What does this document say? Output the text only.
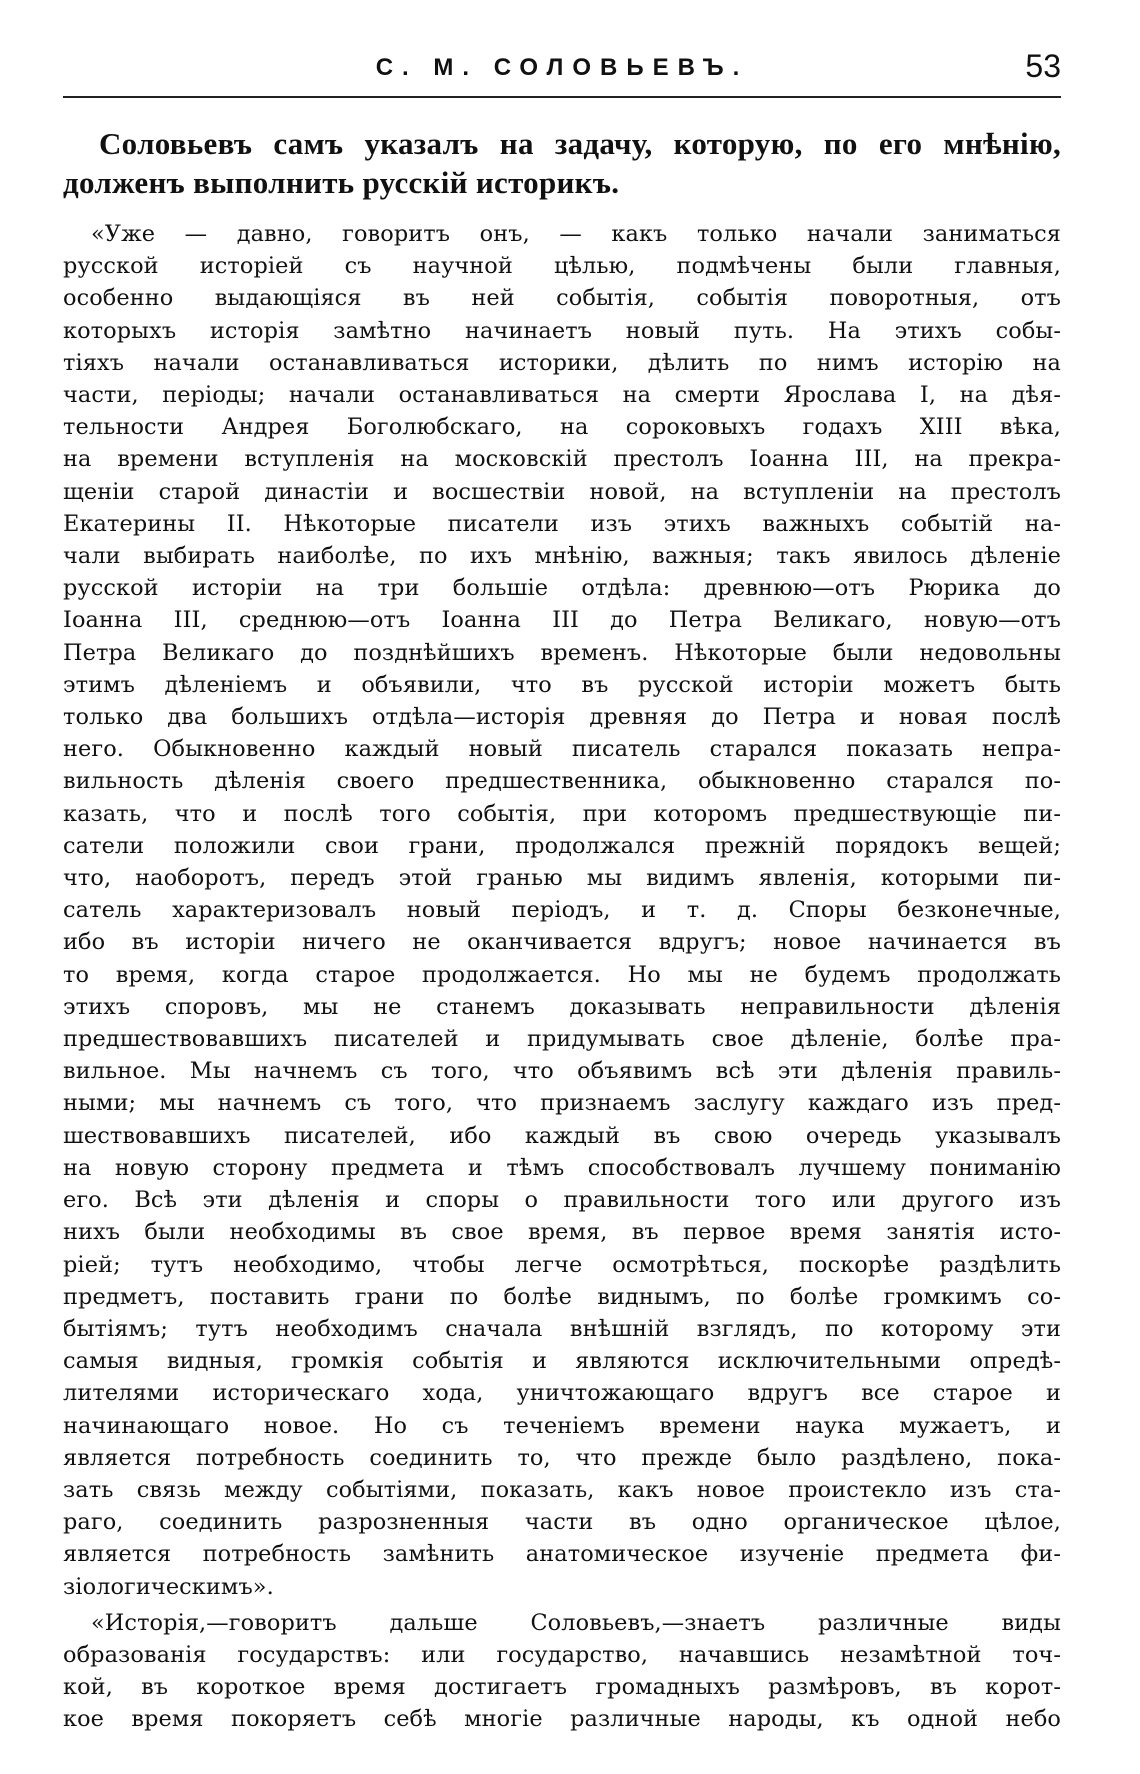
С. М. СОЛОВЬЕВЪ.	53

Соловьевъ самъ указалъ на задачу, которую, по его мнѣнію, долженъ выполнить русскій историкъ.

«Уже — давно, говоритъ онъ, — какъ только начали заниматься
русской исторіей съ научной цѣлью, подмѣчены были главныя,
особенно выдающіяся въ ней событія, событія поворотныя, отъ
которыхъ исторія замѣтно начинаетъ новый путь. На этихъ собы-
тіяхъ начали останавливаться историки, дѣлить по нимъ исторію на
части, періоды; начали останавливаться на смерти Ярослава I, на дѣя-
тельности Андрея Боголюбскаго, на сороковыхъ годахъ XIII вѣка,
на времени вступленія на московскій престолъ Іоанна III, на прекра-
щеніи старой династіи и восшествіи новой, на вступленіи на престолъ
Екатерины II. Нѣкоторые писатели изъ этихъ важныхъ событій на-
чали выбирать наиболѣе, по ихъ мнѣнію, важныя; такъ явилось дѣленіе
русской исторіи на три большіе отдѣла: древнюю—отъ Рюрика до
Іоанна III, среднюю—отъ Іоанна III до Петра Великаго, новую—отъ
Петра Великаго до позднѣйшихъ временъ. Нѣкоторые были недовольны
этимъ дѣленіемъ и объявили, что въ русской исторіи можетъ быть
только два большихъ отдѣла—исторія древняя до Петра и новая послѣ
него. Обыкновенно каждый новый писатель старался показать непра-
вильность дѣленія своего предшественника, обыкновенно старался по-
казать, что и послѣ того событія, при которомъ предшествующіе пи-
сатели положили свои грани, продолжался прежній порядокъ вещей;
что, наоборотъ, передъ этой гранью мы видимъ явленія, которыми пи-
сатель характеризовалъ новый періодъ, и т. д. Споры безконечные,
ибо въ исторіи ничего не оканчивается вдругъ; новое начинается въ
то время, когда старое продолжается. Но мы не будемъ продолжать
этихъ споровъ, мы не станемъ доказывать неправильности дѣленія
предшествовавшихъ писателей и придумывать свое дѣленіе, болѣе пра-
вильное. Мы начнемъ съ того, что объявимъ всѣ эти дѣленія правиль-
ными; мы начнемъ съ того, что признаемъ заслугу каждаго изъ пред-
шествовавшихъ писателей, ибо каждый въ свою очередь указывалъ
на новую сторону предмета и тѣмъ способствовалъ лучшему пониманію
его. Всѣ эти дѣленія и споры о правильности того или другого изъ
нихъ были необходимы въ свое время, въ первое время занятія исто-
ріей; тутъ необходимо, чтобы легче осмотрѣться, поскорѣе раздѣлить
предметъ, поставить грани по болѣе виднымъ, по болѣе громкимъ со-
бытіямъ; тутъ необходимъ сначала внѣшній взглядъ, по которому эти
самыя видныя, громкія событія и являются исключительными опредѣ-
лителями историческаго хода, уничтожающаго вдругъ все старое и
начинающаго новое. Но съ теченіемъ времени наука мужаетъ, и
является потребность соединить то, что прежде было раздѣлено, пока-
зать связь между событіями, показать, какъ новое проистекло изъ ста-
раго, соединить разрозненныя части въ одно органическое цѣлое,
является потребность замѣнить анатомическое изученіе предмета фи-
зіологическимъ».
«Исторія,—говоритъ дальше Соловьевъ,—знаетъ различные виды
образованія государствъ: или государство, начавшись незамѣтной точ-
кой, въ короткое время достигаетъ громадныхъ размѣровъ, въ корот-
кое время покоряетъ себѣ многіе различные народы, къ одной небо
